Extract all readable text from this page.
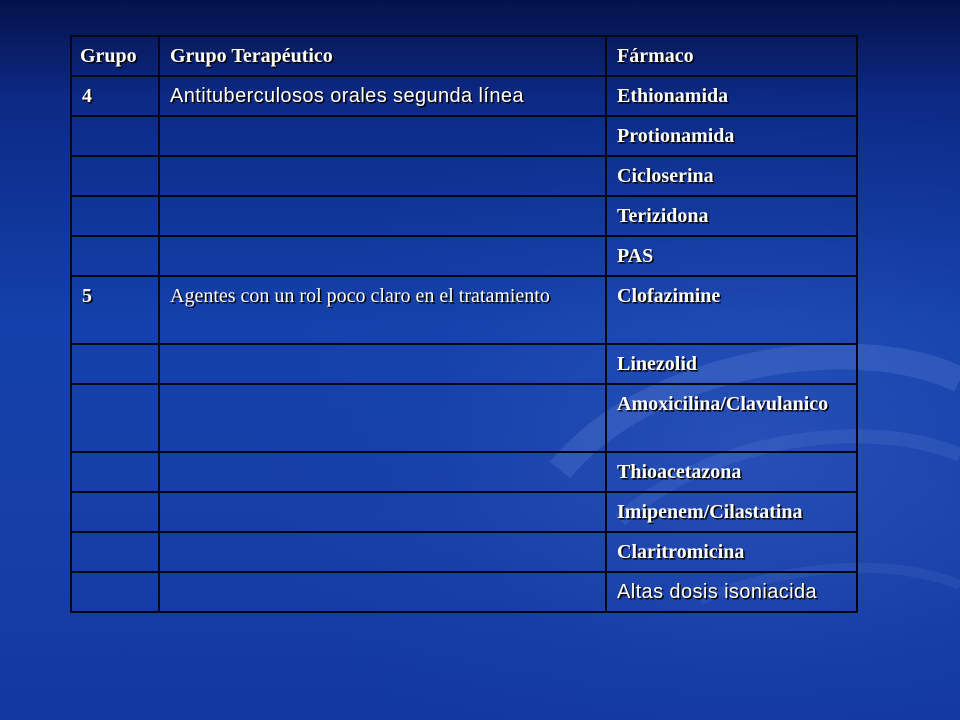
Grupo	Grupo Terapéutico	Fármaco
4	Antituberculosos orales segunda línea	Ethionamida
		Protionamida
		Cicloserina
		Terizidona
		PAS
5	Agentes con un rol poco claro en el tratamiento	Clofazimine
		Linezolid
		Amoxicilina/Clavulanico
		Thioacetazona
		Imipenem/Cilastatina
		Claritromicina
		Altas dosis isoniacida
